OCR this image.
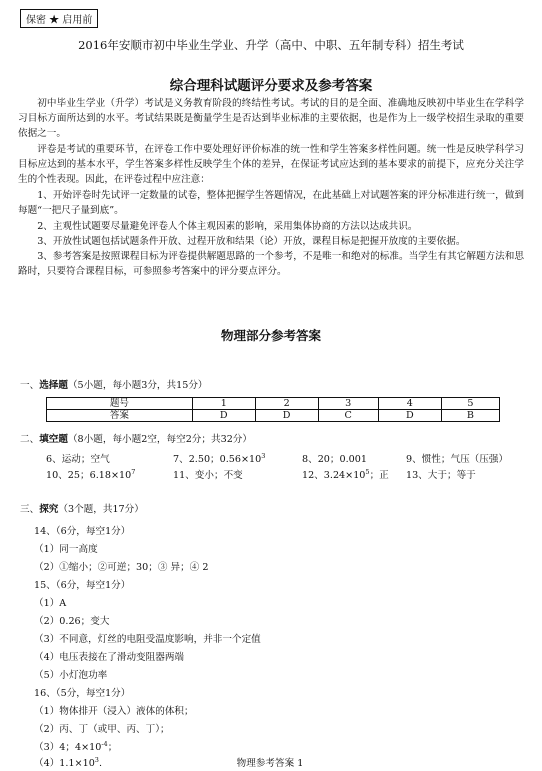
保密 ★ 启用前
2016年安顺市初中毕业生学业、升学（高中、中职、五年制专科）招生考试
综合理科试题评分要求及参考答案
初中毕业生学业（升学）考试是义务教育阶段的终结性考试。考试的目的是全面、准确地反映初中毕业生在学科学习目标方面所达到的水平。考试结果既是衡量学生是否达到毕业标准的主要依据，也是作为上一级学校招生录取的重要依据之一。
评卷是考试的重要环节，在评卷工作中要处理好评价标准的统一性和学生答案多样性问题。统一性是反映学科学习目标应达到的基本水平，学生答案多样性反映学生个体的差异，在保证考试应达到的基本要求的前提下，应充分关注学生的个性表现。因此，在评卷过程中应注意：
1、开始评卷时先试评一定数量的试卷，整体把握学生答题情况，在此基础上对试题答案的评分标准进行统一，做到每题“一把尺子量到底”。
2、主观性试题要尽量避免评卷人个体主观因素的影响，采用集体协商的方法以达成共识。
3、开放性试题包括试题条件开放、过程开放和结果（论）开放，课程目标是把握开放度的主要依据。
3、参考答案是按照课程目标为评卷提供解题思路的一个参考，不是唯一和绝对的标准。当学生有其它解题方法和思路时，只要符合课程目标，可参照参考答案中的评分要点评分。
物理部分参考答案
一、选择题（5小题，每小题3分，共15分）
题号	1	2	3	4	5
答案	D	D	C	D	B
二、填空题（8小题，每小题2空，每空2分；共32分）
6、运动；空气	7、2.50；$0.56\times 10^3$	8、20；0.001	9、惯性；气压（压强）
10、25；$6.18\times 10^7$	11、变小；不变	12、$3.24\times 10^5$；正 13、大于；等于
三、探究（3个题，共17分）
14、（6分，每空1分）
（1）同一高度
（2）①缩小；②可逆；30；③ 异；④ 2
15、（6分，每空1分）
（1）A
（2）0.26；变大
（3）不同意，灯丝的电阻受温度影响，并非一个定值
（4）电压表接在了滑动变阻器两端
（5）小灯泡功率
16、（5分，每空1分）
（1）物体排开（浸入）液体的体积；
（2）丙、丁（或甲、丙、丁）；
（3）4；$4\times 10^{-4}$；
$(4)1.1\times 10^3$.	物理参考答案 1
